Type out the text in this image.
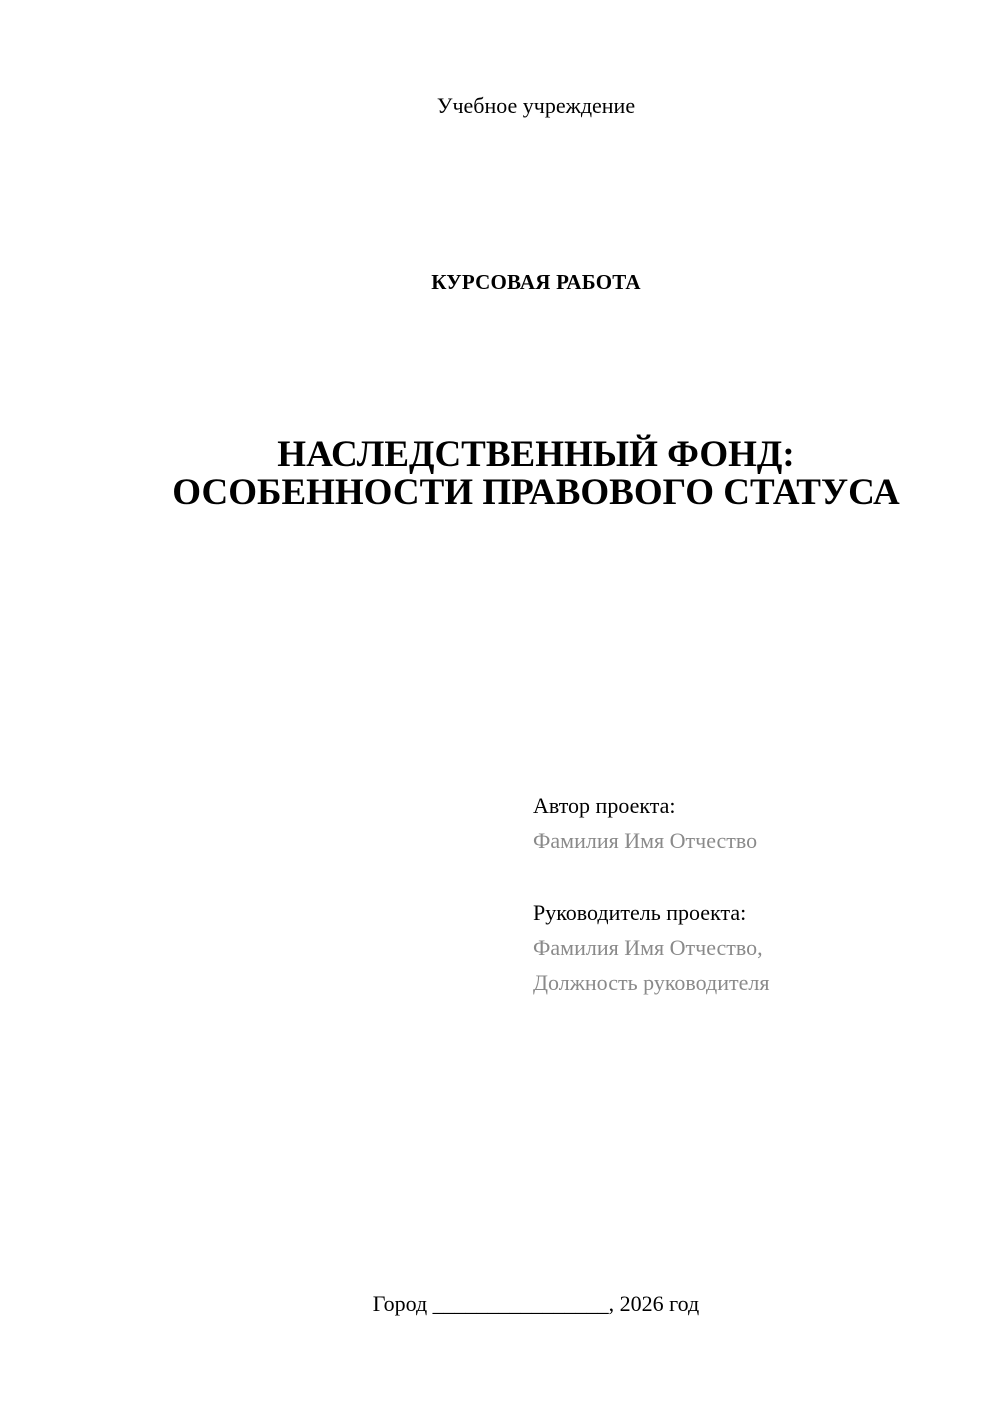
Учебное учреждение
КУРСОВАЯ РАБОТА
НАСЛЕДСТВЕННЫЙ ФОНД:
ОСОБЕННОСТИ ПРАВОВОГО СТАТУСА
Автор проекта:
Фамилия Имя Отчество
Руководитель проекта:
Фамилия Имя Отчество,
Должность руководителя
Город ________________, 2026 год
